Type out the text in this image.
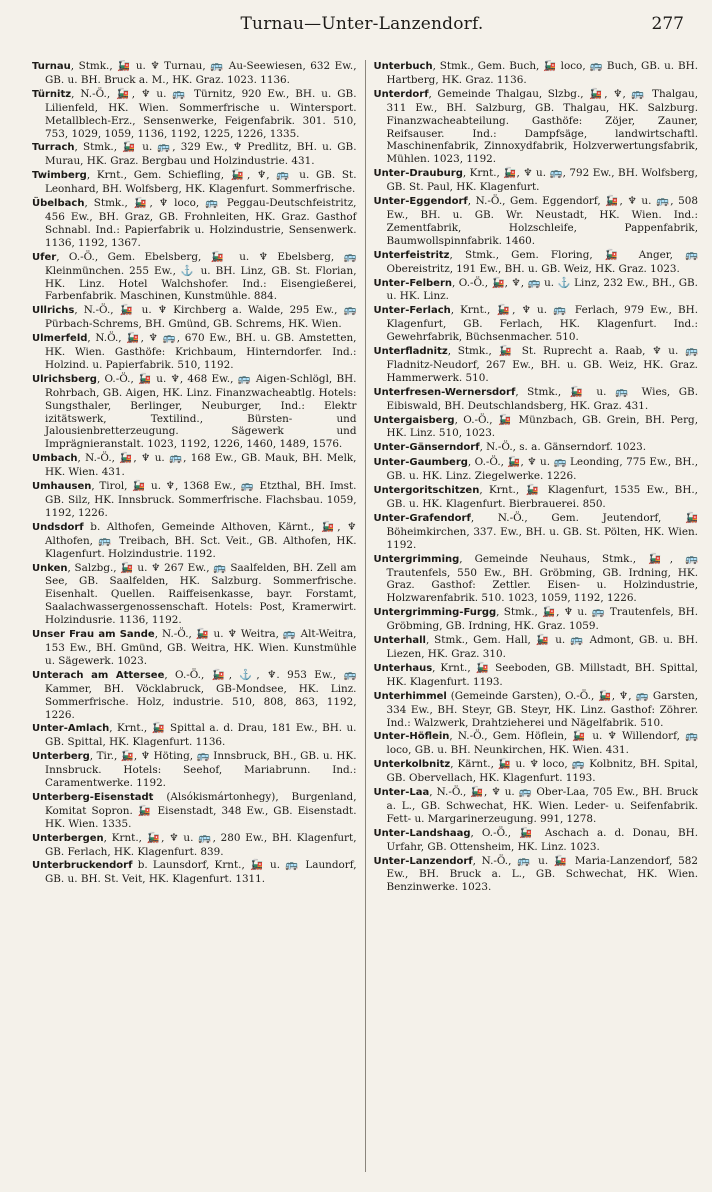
Turnau—Unter-Lanzendorf.	277

Turnau, Stmk., 🚂 u. ♆ Turnau, 🚌 Au-Seewiesen, 632 Ew., GB. u. BH. Bruck a. M., HK. Graz. 1023. 1136.

Türnitz, N.-Ö., 🚂, ♆ u. 🚌 Türnitz, 920 Ew., BH. u. GB. Lilienfeld, HK. Wien. Sommerfrische u. Wintersport. Metallblech-Erz., Sensenwerke, Feigenfabrik. 301. 510, 753, 1029, 1059, 1136, 1192, 1225, 1226, 1335.

Turrach, Stmk., 🚂 u. 🚌, 329 Ew., ♆ Predlitz, BH. u. GB. Murau, HK. Graz. Bergbau und Holzindustrie. 431.

Twimberg, Krnt., Gem. Schiefling, 🚂, ♆, 🚌 u. GB. St. Leonhard, BH. Wolfsberg, HK. Klagenfurt. Sommerfrische.

Übelbach, Stmk., 🚂, ♆ loco, 🚌 Peggau-Deutschfeistritz, 456 Ew., BH. Graz, GB. Frohnleiten, HK. Graz. Gasthof Schnabl. Ind.: Papierfabrik u. Holzindustrie, Sensenwerk. 1136, 1192, 1367.

Ufer, O.-Ö., Gem. Ebelsberg, 🚂 u. ♆ Ebelsberg, 🚌 Kleinmünchen. 255 Ew., ⚓ u. BH. Linz, GB. St. Florian, HK. Linz. Hotel Walchshofer. Ind.: Eisengießerei, Farbenfabrik. Maschinen, Kunstmühle. 884.

Ullrichs, N.-Ö., 🚂 u. ♆ Kirchberg a. Walde, 295 Ew., 🚌 Pürbach-Schrems, BH. Gmünd, GB. Schrems, HK. Wien.

Ulmerfeld, N.Ö., 🚂, ♆ 🚌, 670 Ew., BH. u. GB. Amstetten, HK. Wien. Gasthöfe: Krichbaum, Hinterndorfer. Ind.: Holzind. u. Papierfabrik. 510, 1192.

Ulrichsberg, O.-Ö., 🚂 u. ♆, 468 Ew., 🚌 Aigen-Schlögl, BH. Rohrbach, GB. Aigen, HK. Linz. Finanzwacheabtlg. Hotels: Sungsthaler, Berlinger, Neuburger, Ind.: Elektr izitätswerk, Textilind., Bürsten- und Jalousienbretterzeugung. Sägewerk und Imprägnieranstalt. 1023, 1192, 1226, 1460, 1489, 1576.

Umbach, N.-Ö., 🚂, ♆ u. 🚌, 168 Ew., GB. Mauk, BH. Melk, HK. Wien. 431.

Umhausen, Tirol, 🚂 u. ♆, 1368 Ew., 🚌 Etzthal, BH. Imst. GB. Silz, HK. Innsbruck. Sommerfrische. Flachsbau. 1059, 1192, 1226.

Undsdorf b. Althofen, Gemeinde Althoven, Kärnt., 🚂, ♆ Althofen, 🚌 Treibach, BH. Sct. Veit., GB. Althofen, HK. Klagenfurt. Holzindustrie. 1192.

Unken, Salzbg., 🚂 u. ♆ 267 Ew., 🚌 Saalfelden, BH. Zell am See, GB. Saalfelden, HK. Salzburg. Sommerfrische. Eisenhalt. Quellen. Raiffeisenkasse, bayr. Forstamt, Saalachwassergenossenschaft. Hotels: Post, Kramerwirt. Holzindusrie. 1136, 1192.

Unser Frau am Sande, N.-Ö., 🚂 u. ♆ Weitra, 🚌 Alt-Weitra, 153 Ew., BH. Gmünd, GB. Weitra, HK. Wien. Kunstmühle u. Sägewerk. 1023.

Unterach am Attersee, O.-Ö., 🚂, ⚓, ♆. 953 Ew., 🚌 Kammer, BH. Vöcklabruck, GB-Mondsee, HK. Linz. Sommerfrische. Holz, industrie. 510, 808, 863, 1192, 1226.

Unter-Amlach, Krnt., 🚂 Spittal a. d. Drau, 181 Ew., BH. u. GB. Spittal, HK. Klagenfurt. 1136.

Unterberg, Tir., 🚂, ♆ Höting, 🚌 Innsbruck, BH., GB. u. HK. Innsbruck. Hotels: Seehof, Mariabrunn. Ind.: Caramentwerke. 1192.

Unterberg-Eisenstadt (Alsókismártonhegy), Burgenland, Komitat Sopron. 🚂 Eisenstadt, 348 Ew., GB. Eisenstadt. HK. Wien. 1335.

Unterbergen, Krnt., 🚂, ♆ u. 🚌, 280 Ew., BH. Klagenfurt, GB. Ferlach, HK. Klagenfurt. 839.

Unterbruckendorf b. Launsdorf, Krnt., 🚂 u. 🚌 Laundorf, GB. u. BH. St. Veit, HK. Klagenfurt. 1311.

Unterbuch, Stmk., Gem. Buch, 🚂 loco, 🚌 Buch, GB. u. BH. Hartberg, HK. Graz. 1136.

Unterdorf, Gemeinde Thalgau, Slzbg., 🚂, ♆, 🚌 Thalgau, 311 Ew., BH. Salzburg, GB. Thalgau, HK. Salzburg. Finanzwacheabteilung. Gasthöfe: Zöjer, Zauner, Reifsauser. Ind.: Dampfsäge, landwirtschaftl. Maschinenfabrik, Zinnoxydfabrik, Holzverwertungsfabrik, Mühlen. 1023, 1192.

Unter-Drauburg, Krnt., 🚂, ♆ u. 🚌, 792 Ew., BH. Wolfsberg, GB. St. Paul, HK. Klagenfurt.

Unter-Eggendorf, N.-Ö., Gem. Eggendorf, 🚂, ♆ u. 🚌, 508 Ew., BH. u. GB. Wr. Neustadt, HK. Wien. Ind.: Zementfabrik, Holzschleife, Pappenfabrik, Baumwollspinnfabrik. 1460.

Unterfeistritz, Stmk., Gem. Floring, 🚂 Anger, 🚌 Obereistritz, 191 Ew., BH. u. GB. Weiz, HK. Graz. 1023.

Unter-Felbern, O.-Ö., 🚂, ♆, 🚌 u. ⚓ Linz, 232 Ew., BH., GB. u. HK. Linz.

Unter-Ferlach, Krnt., 🚂, ♆ u. 🚌 Ferlach, 979 Ew., BH. Klagenfurt, GB. Ferlach, HK. Klagenfurt. Ind.: Gewehrfabrik, Büchsenmacher. 510.

Unterfladnitz, Stmk., 🚂 St. Ruprecht a. Raab, ♆ u. 🚌 Fladnitz-Neudorf, 267 Ew., BH. u. GB. Weiz, HK. Graz. Hammerwerk. 510.

Unterfresen-Wernersdorf, Stmk., 🚂 u. 🚌 Wies, GB. Eibiswald, BH. Deutschlandsberg, HK. Graz. 431.

Untergaisberg, O.-Ö., 🚂 Münzbach, GB. Grein, BH. Perg, HK. Linz. 510, 1023.

Unter-Gänserndorf, N.-Ö., s. a. Gänserndorf. 1023.

Unter-Gaumberg, O.-Ö., 🚂, ♆ u. 🚌 Leonding, 775 Ew., BH., GB. u. HK. Linz. Ziegelwerke. 1226.

Untergoritschitzen, Krnt., 🚂 Klagenfurt, 1535 Ew., BH., GB. u. HK. Klagenfurt. Bierbrauerei. 850.

Unter-Grafendorf, N.-Ö., Gem. Jeutendorf, 🚂 Böheimkirchen, 337. Ew., BH. u. GB. St. Pölten, HK. Wien. 1192.

Untergrimming, Gemeinde Neuhaus, Stmk., 🚂, 🚌 Trautenfels, 550 Ew., BH. Gröbming, GB. Irdning, HK. Graz. Gasthof: Zettler. Eisen- u. Holzindustrie, Holzwarenfabrik. 510. 1023, 1059, 1192, 1226.

Untergrimming-Furgg, Stmk., 🚂, ♆ u. 🚌 Trautenfels, BH. Gröbming, GB. Irdning, HK. Graz. 1059.

Unterhall, Stmk., Gem. Hall, 🚂 u. 🚌 Admont, GB. u. BH. Liezen, HK. Graz. 310.

Unterhaus, Krnt., 🚂 Seeboden, GB. Millstadt, BH. Spittal, HK. Klagenfurt. 1193.

Unterhimmel (Gemeinde Garsten), O.-Ö., 🚂, ♆, 🚌 Garsten, 334 Ew., BH. Steyr, GB. Steyr, HK. Linz. Gasthof: Zöhrer. Ind.: Walzwerk, Drahtzieherei und Nägelfabrik. 510.

Unter-Höflein, N.-Ö., Gem. Höflein, 🚂 u. ♆ Willendorf, 🚌 loco, GB. u. BH. Neunkirchen, HK. Wien. 431.

Unterkolbnitz, Kärnt., 🚂 u. ♆ loco, 🚌 Kolbnitz, BH. Spital, GB. Obervellach, HK. Klagenfurt. 1193.

Unter-Laa, N.-Ö., 🚂, ♆ u. 🚌 Ober-Laa, 705 Ew., BH. Bruck a. L., GB. Schwechat, HK. Wien. Leder- u. Seifenfabrik. Fett- u. Margarinerzeugung. 991, 1278.

Unter-Landshaag, O.-Ö., 🚂 Aschach a. d. Donau, BH. Urfahr, GB. Ottensheim, HK. Linz. 1023.

Unter-Lanzendorf, N.-Ö., 🚌 u. 🚂 Maria-Lanzendorf, 582 Ew., BH. Bruck a. L., GB. Schwechat, HK. Wien. Benzinwerke. 1023.
